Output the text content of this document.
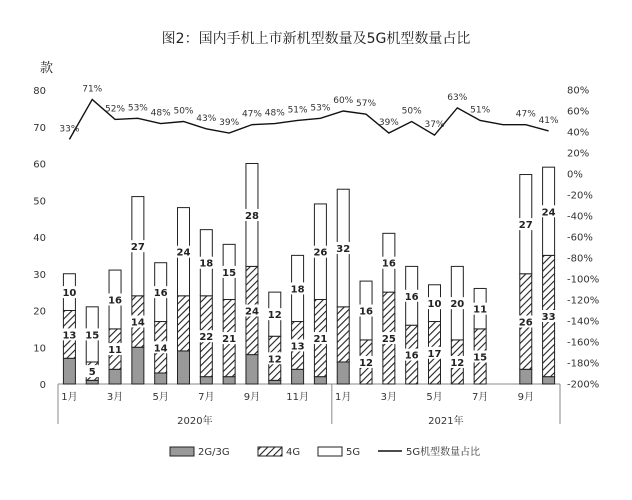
图2：国内手机上市新机型数量及5G机型数量占比
款
0
10
20
30
40
50
60
70
80
-200%
-180%
-160%
-140%
-120%
-100%
-80%
-60%
-40%
-20%
0%
20%
40%
60%
80%
1月	3月	5月	7月	9月	11月	1月	3月	5月	7月	9月
2020年	2021年
13
10
5
15
11
16
14
27
14
16
24
22
18
21
15
24
28
12
12
13
18
21
26 32
12
16
25
16
16
16
17
10
12
20
15
11
26
27
33
24
33%
71%
52% 53%
48% 50%
43% 39%
47% 48% 51% 53%
60% 57%
39%
50%
37%
63%
51%	47%
41%
2G/3G	4G	5G	5G机型数量占比
